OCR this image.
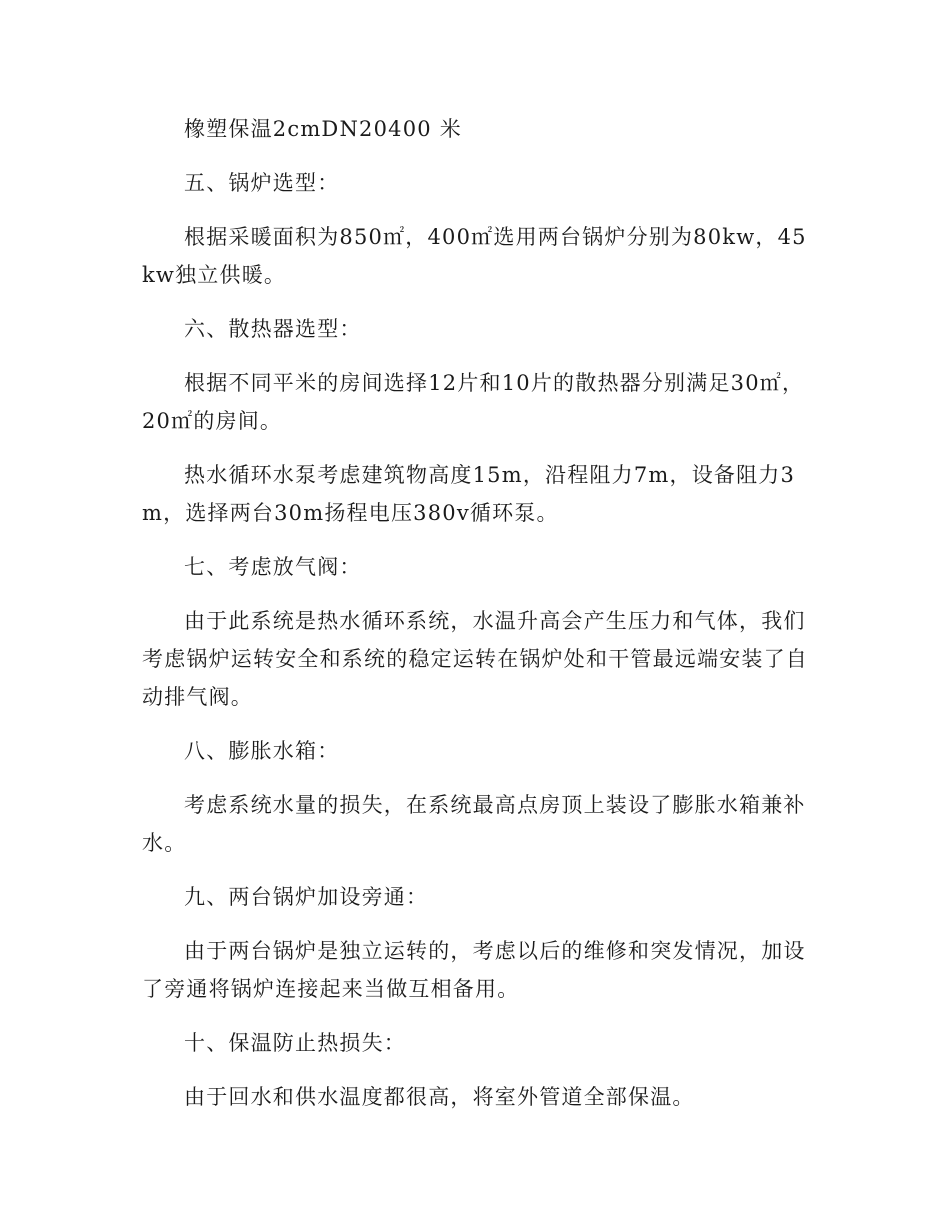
橡塑保温2cmDN20400 米

五、锅炉选型：

根据采暖面积为850㎡，400㎡选用两台锅炉分别为80kw，45kw独立供暖。

六、散热器选型：

根据不同平米的房间选择12片和10片的散热器分别满足30㎡，20㎡的房间。

热水循环水泵考虑建筑物高度15m，沿程阻力7m，设备阻力3m，选择两台30m扬程电压380v循环泵。

七、考虑放气阀：

由于此系统是热水循环系统，水温升高会产生压力和气体，我们考虑锅炉运转安全和系统的稳定运转在锅炉处和干管最远端安装了自动排气阀。

八、膨胀水箱：

考虑系统水量的损失，在系统最高点房顶上装设了膨胀水箱兼补水。

九、两台锅炉加设旁通：

由于两台锅炉是独立运转的，考虑以后的维修和突发情况，加设了旁通将锅炉连接起来当做互相备用。

十、保温防止热损失：

由于回水和供水温度都很高，将室外管道全部保温。
